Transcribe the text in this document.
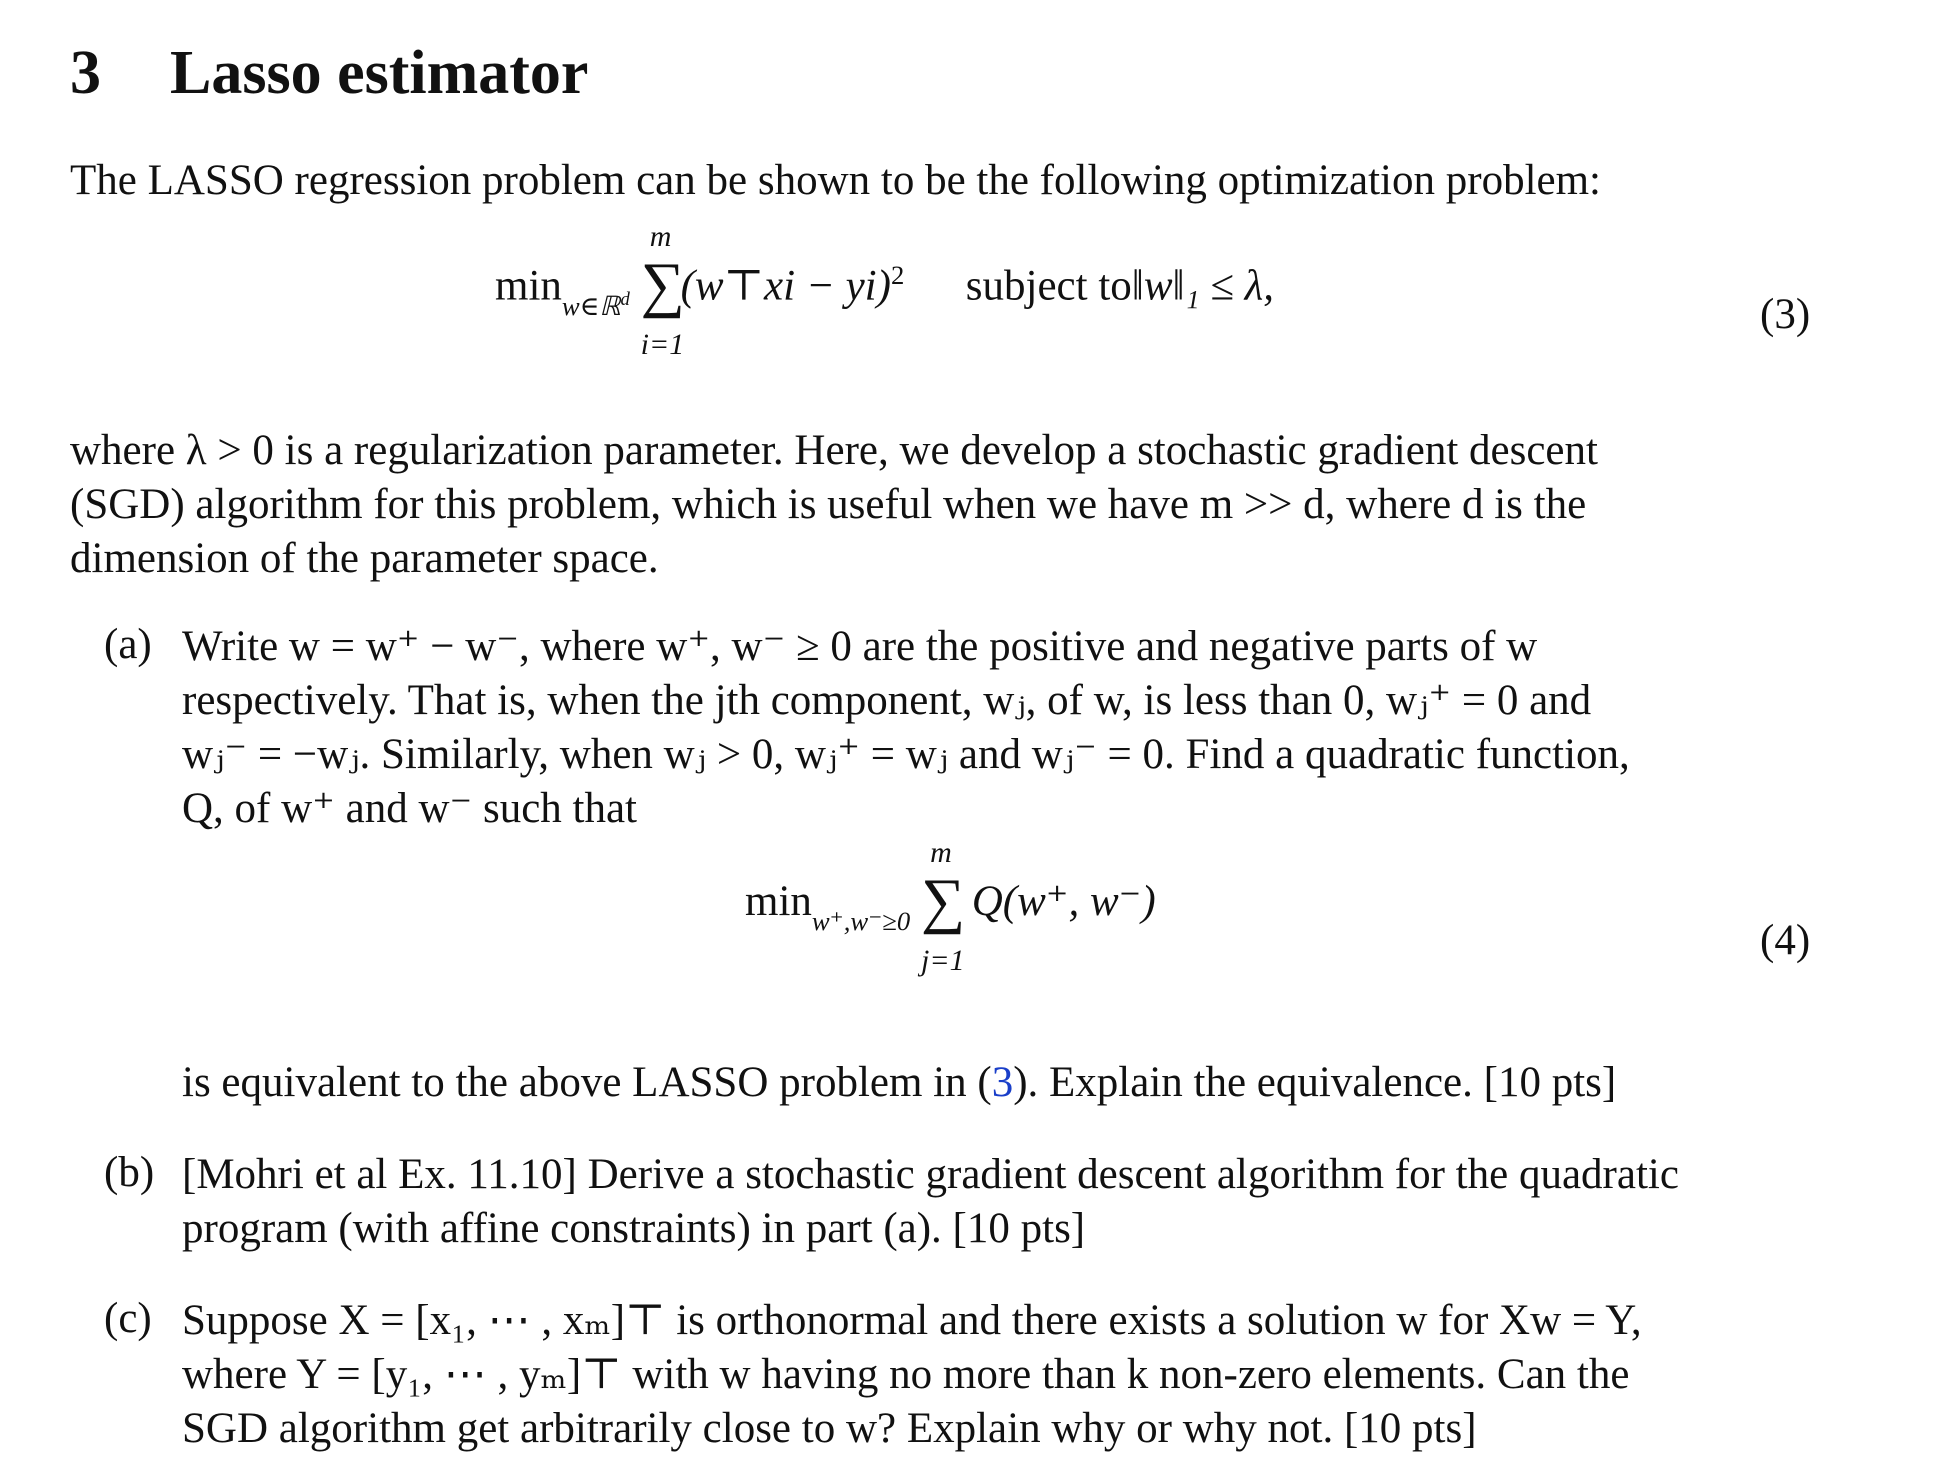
3 Lasso estimator
The LASSO regression problem can be shown to be the following optimization problem:
$\min_{w\in ℝ^d}$
m
∑
i=1
(w⊤xi − yi)$^2$ subject to‖w‖₁ ≤ λ,
(3)
where λ > 0 is a regularization parameter. Here, we develop a stochastic gradient descent
(SGD) algorithm for this problem, which is useful when we have m >> d, where d is the
dimension of the parameter space.
(a) Write w = w⁺ − w⁻, where w⁺, w⁻ ≥ 0 are the positive and negative parts of w
respectively. That is, when the jth component, wⱼ, of w, is less than 0, wⱼ⁺ = 0 and
wⱼ⁻ = −wⱼ. Similarly, when wⱼ > 0, wⱼ⁺ = wⱼ and wⱼ⁻ = 0. Find a quadratic function,
Q, of w⁺ and w⁻ such that
$\min_{w^+,w^-\ge 0}$
m
∑
j=1
Q(w⁺, w⁻)
(4)
is equivalent to the above LASSO problem in (3). Explain the equivalence. [10 pts]
(b) [Mohri et al Ex. 11.10] Derive a stochastic gradient descent algorithm for the quadratic
program (with affine constraints) in part (a). [10 pts]
(c) Suppose X = [x₁, ⋯ , xₘ]⊤ is orthonormal and there exists a solution w for Xw = Y,
where Y = [y₁, ⋯ , yₘ]⊤ with w having no more than k non-zero elements. Can the
SGD algorithm get arbitrarily close to w? Explain why or why not. [10 pts]
